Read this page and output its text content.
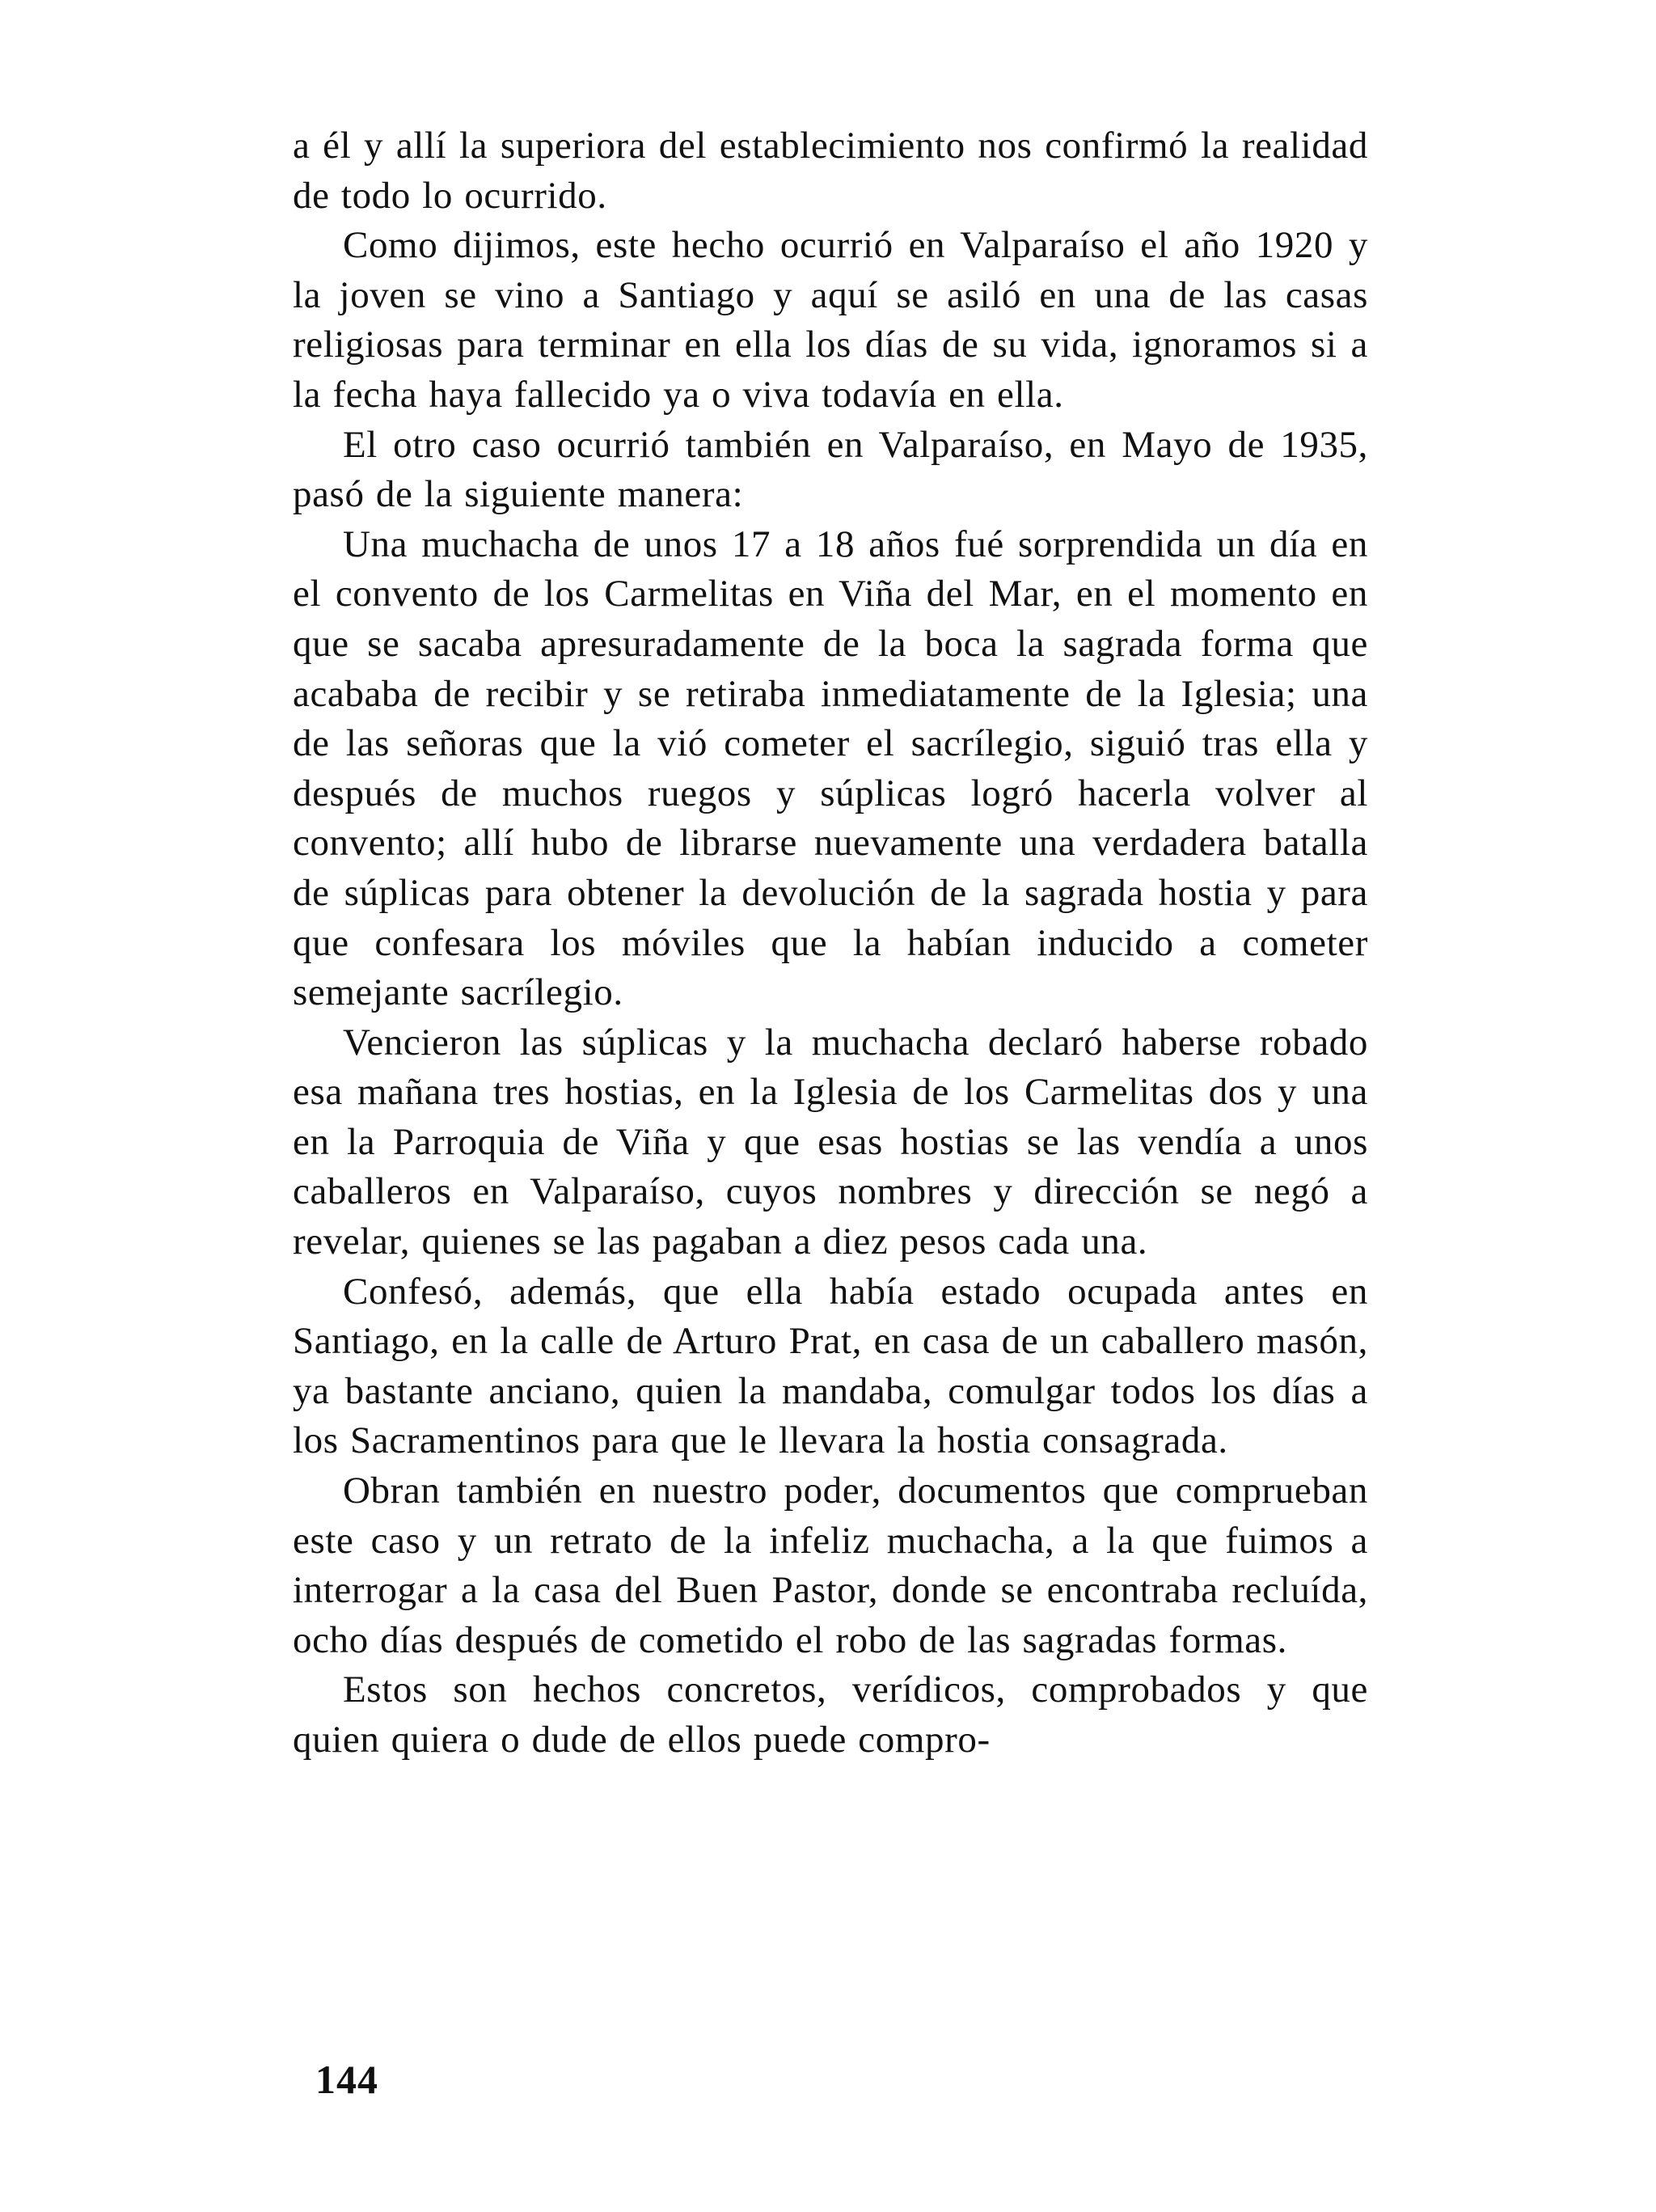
a él y allí la superiora del establecimiento nos confirmó la realidad de todo lo ocurrido.

Como dijimos, este hecho ocurrió en Valparaíso el año 1920 y la joven se vino a Santiago y aquí se asiló en una de las casas religiosas para terminar en ella los días de su vida, ignoramos si a la fecha haya fallecido ya o viva todavía en ella.

El otro caso ocurrió también en Valparaíso, en Mayo de 1935, pasó de la siguiente manera:

Una muchacha de unos 17 a 18 años fué sorprendida un día en el convento de los Carmelitas en Viña del Mar, en el momento en que se sacaba apresuradamente de la boca la sagrada forma que acababa de recibir y se retiraba inmediatamente de la Iglesia; una de las señoras que la vió cometer el sacrílegio, siguió tras ella y después de muchos ruegos y súplicas logró hacerla volver al convento; allí hubo de librarse nuevamente una verdadera batalla de súplicas para obtener la devolución de la sagrada hostia y para que confesara los móviles que la habían inducido a cometer semejante sacrílegio.

Vencieron las súplicas y la muchacha declaró haberse robado esa mañana tres hostias, en la Iglesia de los Carmelitas dos y una en la Parroquia de Viña y que esas hostias se las vendía a unos caballeros en Valparaíso, cuyos nombres y dirección se negó a revelar, quienes se las pagaban a diez pesos cada una.

Confesó, además, que ella había estado ocupada antes en Santiago, en la calle de Arturo Prat, en casa de un caballero masón, ya bastante anciano, quien la mandaba, comulgar todos los días a los Sacramentinos para que le llevara la hostia consagrada.

Obran también en nuestro poder, documentos que comprueban este caso y un retrato de la infeliz muchacha, a la que fuimos a interrogar a la casa del Buen Pastor, donde se encontraba recluída, ocho días después de cometido el robo de las sagradas formas.

Estos son hechos concretos, verídicos, comprobados y que quien quiera o dude de ellos puede compro-

144
